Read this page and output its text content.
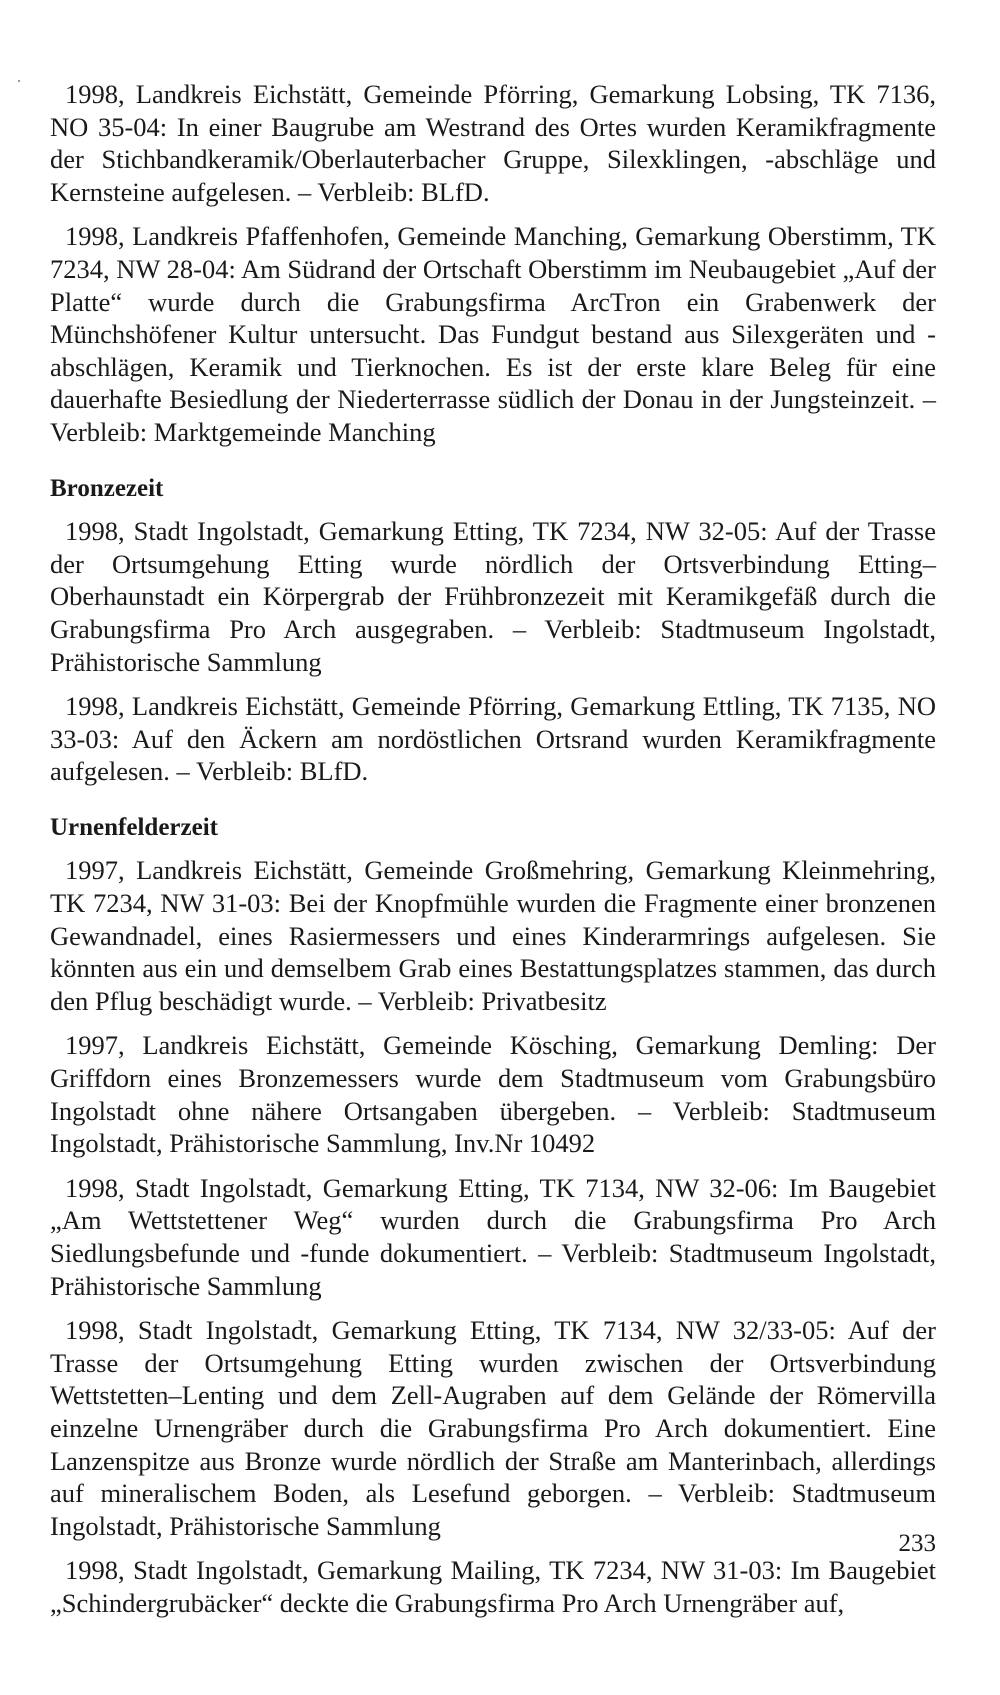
1998, Landkreis Eichstätt, Gemeinde Pförring, Gemarkung Lobsing, TK 7136, NO 35-04: In einer Baugrube am Westrand des Ortes wurden Keramikfragmente der Stichbandkeramik/Oberlauterbacher Gruppe, Silexklingen, -abschläge und Kernsteine aufgelesen. – Verbleib: BLfD.

1998, Landkreis Pfaffenhofen, Gemeinde Manching, Gemarkung Oberstimm, TK 7234, NW 28-04: Am Südrand der Ortschaft Oberstimm im Neubaugebiet „Auf der Platte“ wurde durch die Grabungsfirma ArcTron ein Grabenwerk der Münchshöfener Kultur untersucht. Das Fundgut bestand aus Silexgeräten und -abschlägen, Keramik und Tierknochen. Es ist der erste klare Beleg für eine dauerhafte Besiedlung der Niederterrasse südlich der Donau in der Jungsteinzeit. – Verbleib: Marktgemeinde Manching

Bronzezeit

1998, Stadt Ingolstadt, Gemarkung Etting, TK 7234, NW 32-05: Auf der Trasse der Ortsumgehung Etting wurde nördlich der Ortsverbindung Etting–Oberhaunstadt ein Körpergrab der Frühbronzezeit mit Keramikgefäß durch die Grabungsfirma Pro Arch ausgegraben. – Verbleib: Stadtmuseum Ingolstadt, Prähistorische Sammlung

1998, Landkreis Eichstätt, Gemeinde Pförring, Gemarkung Ettling, TK 7135, NO 33-03: Auf den Äckern am nordöstlichen Ortsrand wurden Keramikfragmente aufgelesen. – Verbleib: BLfD.

Urnenfelderzeit

1997, Landkreis Eichstätt, Gemeinde Großmehring, Gemarkung Kleinmehring, TK 7234, NW 31-03: Bei der Knopfmühle wurden die Fragmente einer bronzenen Gewandnadel, eines Rasiermessers und eines Kinderarmrings aufgelesen. Sie könnten aus ein und demselbem Grab eines Bestattungsplatzes stammen, das durch den Pflug beschädigt wurde. – Verbleib: Privatbesitz

1997, Landkreis Eichstätt, Gemeinde Kösching, Gemarkung Demling: Der Griffdorn eines Bronzemessers wurde dem Stadtmuseum vom Grabungsbüro Ingolstadt ohne nähere Ortsangaben übergeben. – Verbleib: Stadtmuseum Ingolstadt, Prähistorische Sammlung, Inv.Nr 10492

1998, Stadt Ingolstadt, Gemarkung Etting, TK 7134, NW 32-06: Im Baugebiet „Am Wettstettener Weg“ wurden durch die Grabungsfirma Pro Arch Siedlungsbefunde und -funde dokumentiert. – Verbleib: Stadtmuseum Ingolstadt, Prähistorische Sammlung

1998, Stadt Ingolstadt, Gemarkung Etting, TK 7134, NW 32/33-05: Auf der Trasse der Ortsumgehung Etting wurden zwischen der Ortsverbindung Wettstetten–Lenting und dem Zell-Augraben auf dem Gelände der Römervilla einzelne Urnengräber durch die Grabungsfirma Pro Arch dokumentiert. Eine Lanzenspitze aus Bronze wurde nördlich der Straße am Manterinbach, allerdings auf mineralischem Boden, als Lesefund geborgen. – Verbleib: Stadtmuseum Ingolstadt, Prähistorische Sammlung

1998, Stadt Ingolstadt, Gemarkung Mailing, TK 7234, NW 31-03: Im Baugebiet „Schindergrubäcker“ deckte die Grabungsfirma Pro Arch Urnengräber auf,

233
